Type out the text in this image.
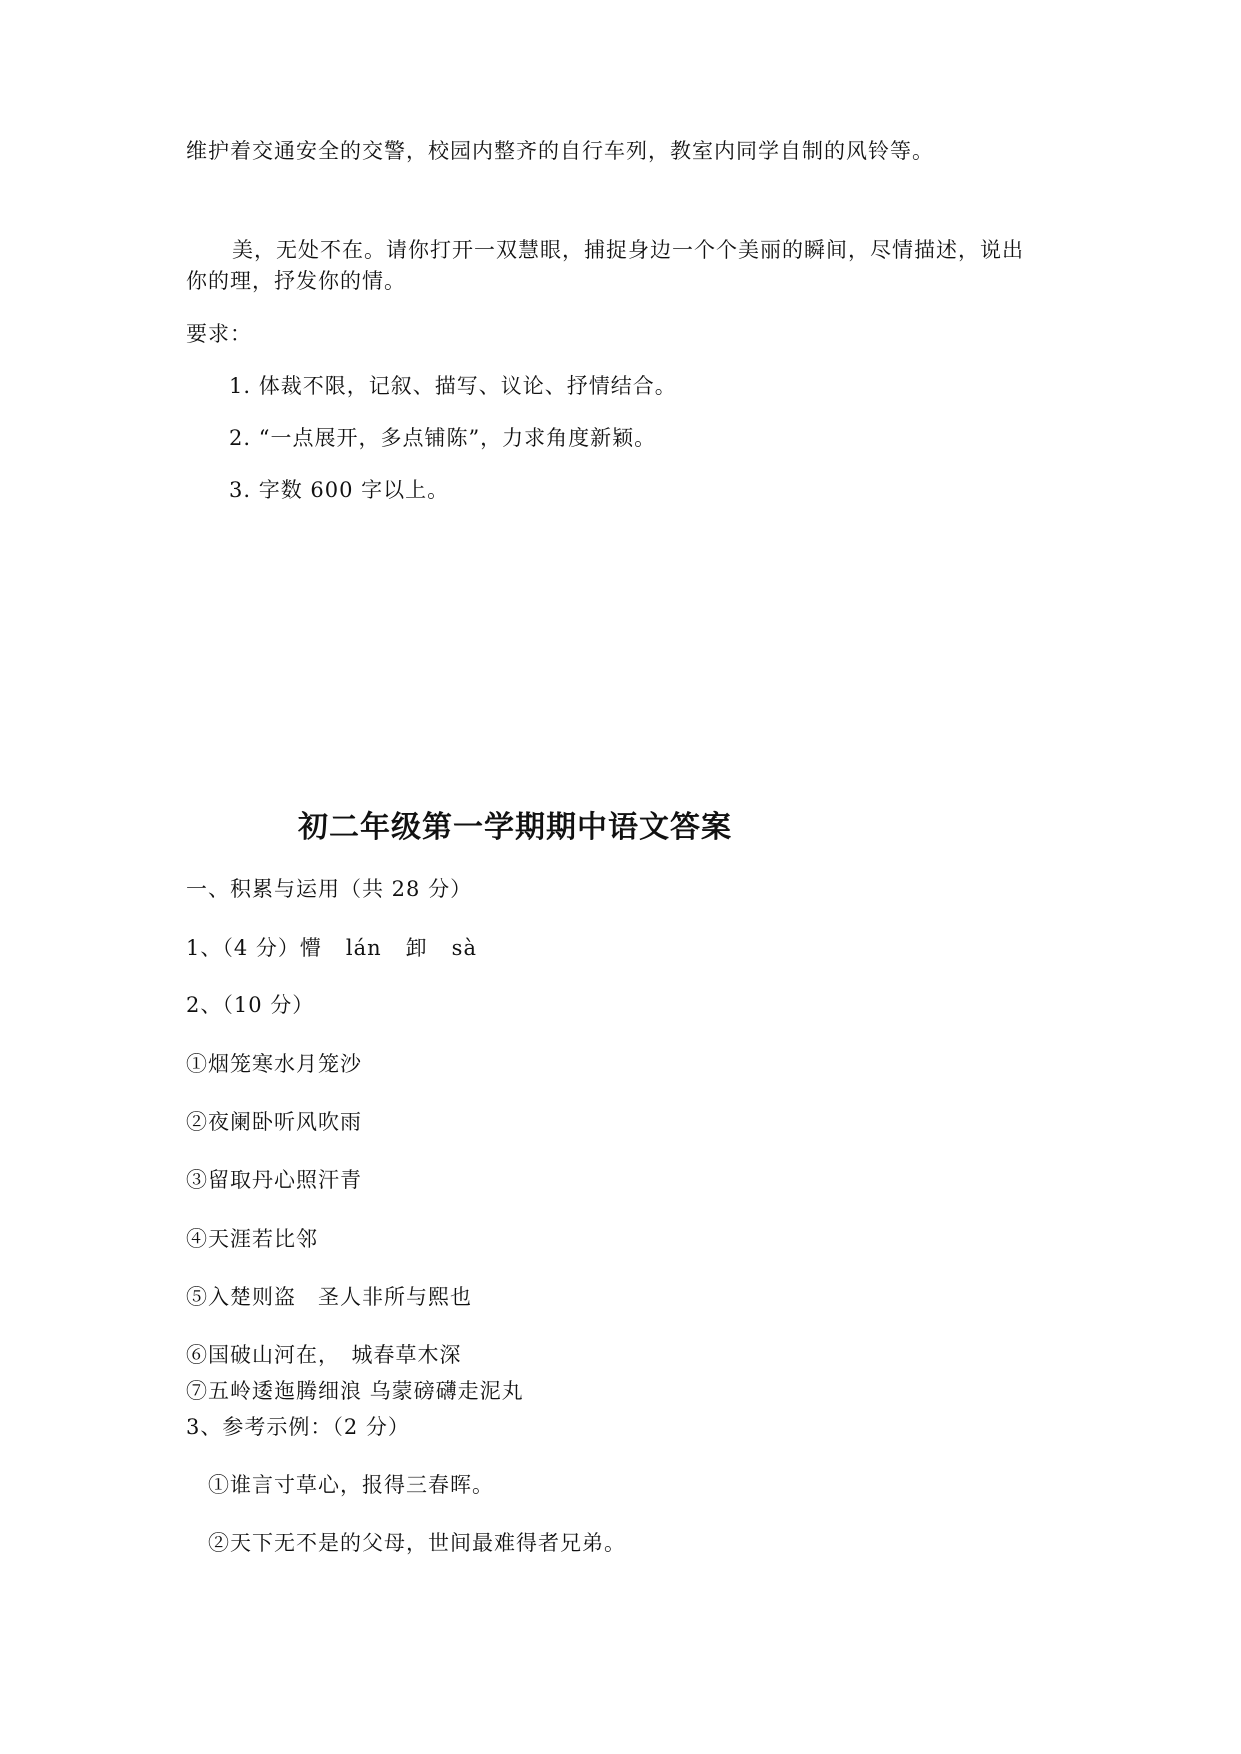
维护着交通安全的交警，校园内整齐的自行车列，教室内同学自制的风铃等。
美，无处不在。请你打开一双慧眼，捕捉身边一个个美丽的瞬间，尽情描述，说出
你的理，抒发你的情。
要求：
1. 体裁不限，记叙、描写、议论、抒情结合。
2. “一点展开，多点铺陈”，力求角度新颖。
3. 字数 600 字以上。
初二年级第一学期期中语文答案
一、积累与运用（共 28 分）
1、（4 分）懵 lán 卸 sà
2、（10 分）
①烟笼寒水月笼沙
②夜阑卧听风吹雨
③留取丹心照汗青
④天涯若比邻
⑤入楚则盗　圣人非所与熙也
⑥国破山河在，　城春草木深
⑦五岭逶迤腾细浪 乌蒙磅礴走泥丸
3、参考示例：（2 分）
①谁言寸草心，报得三春晖。
②天下无不是的父母，世间最难得者兄弟。
